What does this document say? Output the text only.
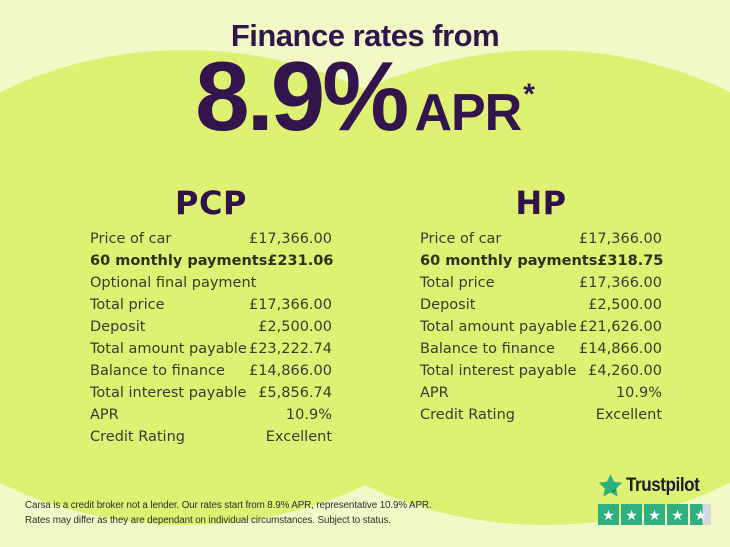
Finance rates from
8.9% APR *
PCP
Price of car	£17,366.00
60 monthly payments £231.06
Optional final payment
Total price	£17,366.00
Deposit	£2,500.00
Total amount payable £23,222.74
Balance to finance £14,866.00
Total interest payable £5,856.74
APR	10.9%
Credit Rating	Excellent
HP
Price of car	£17,366.00
60 monthly payments £318.75
Total price	£17,366.00
Deposit	£2,500.00
Total amount payable £21,626.00
Balance to finance £14,866.00
Total interest payable £4,260.00
APR	10.9%
Credit Rating	Excellent
Carsa is a credit broker not a lender. Our rates start from 8.9% APR, representative 10.9% APR.
Rates may differ as they are dependant on individual circumstances. Subject to status.
Trustpilot
★ ★ ★ ★ ★
